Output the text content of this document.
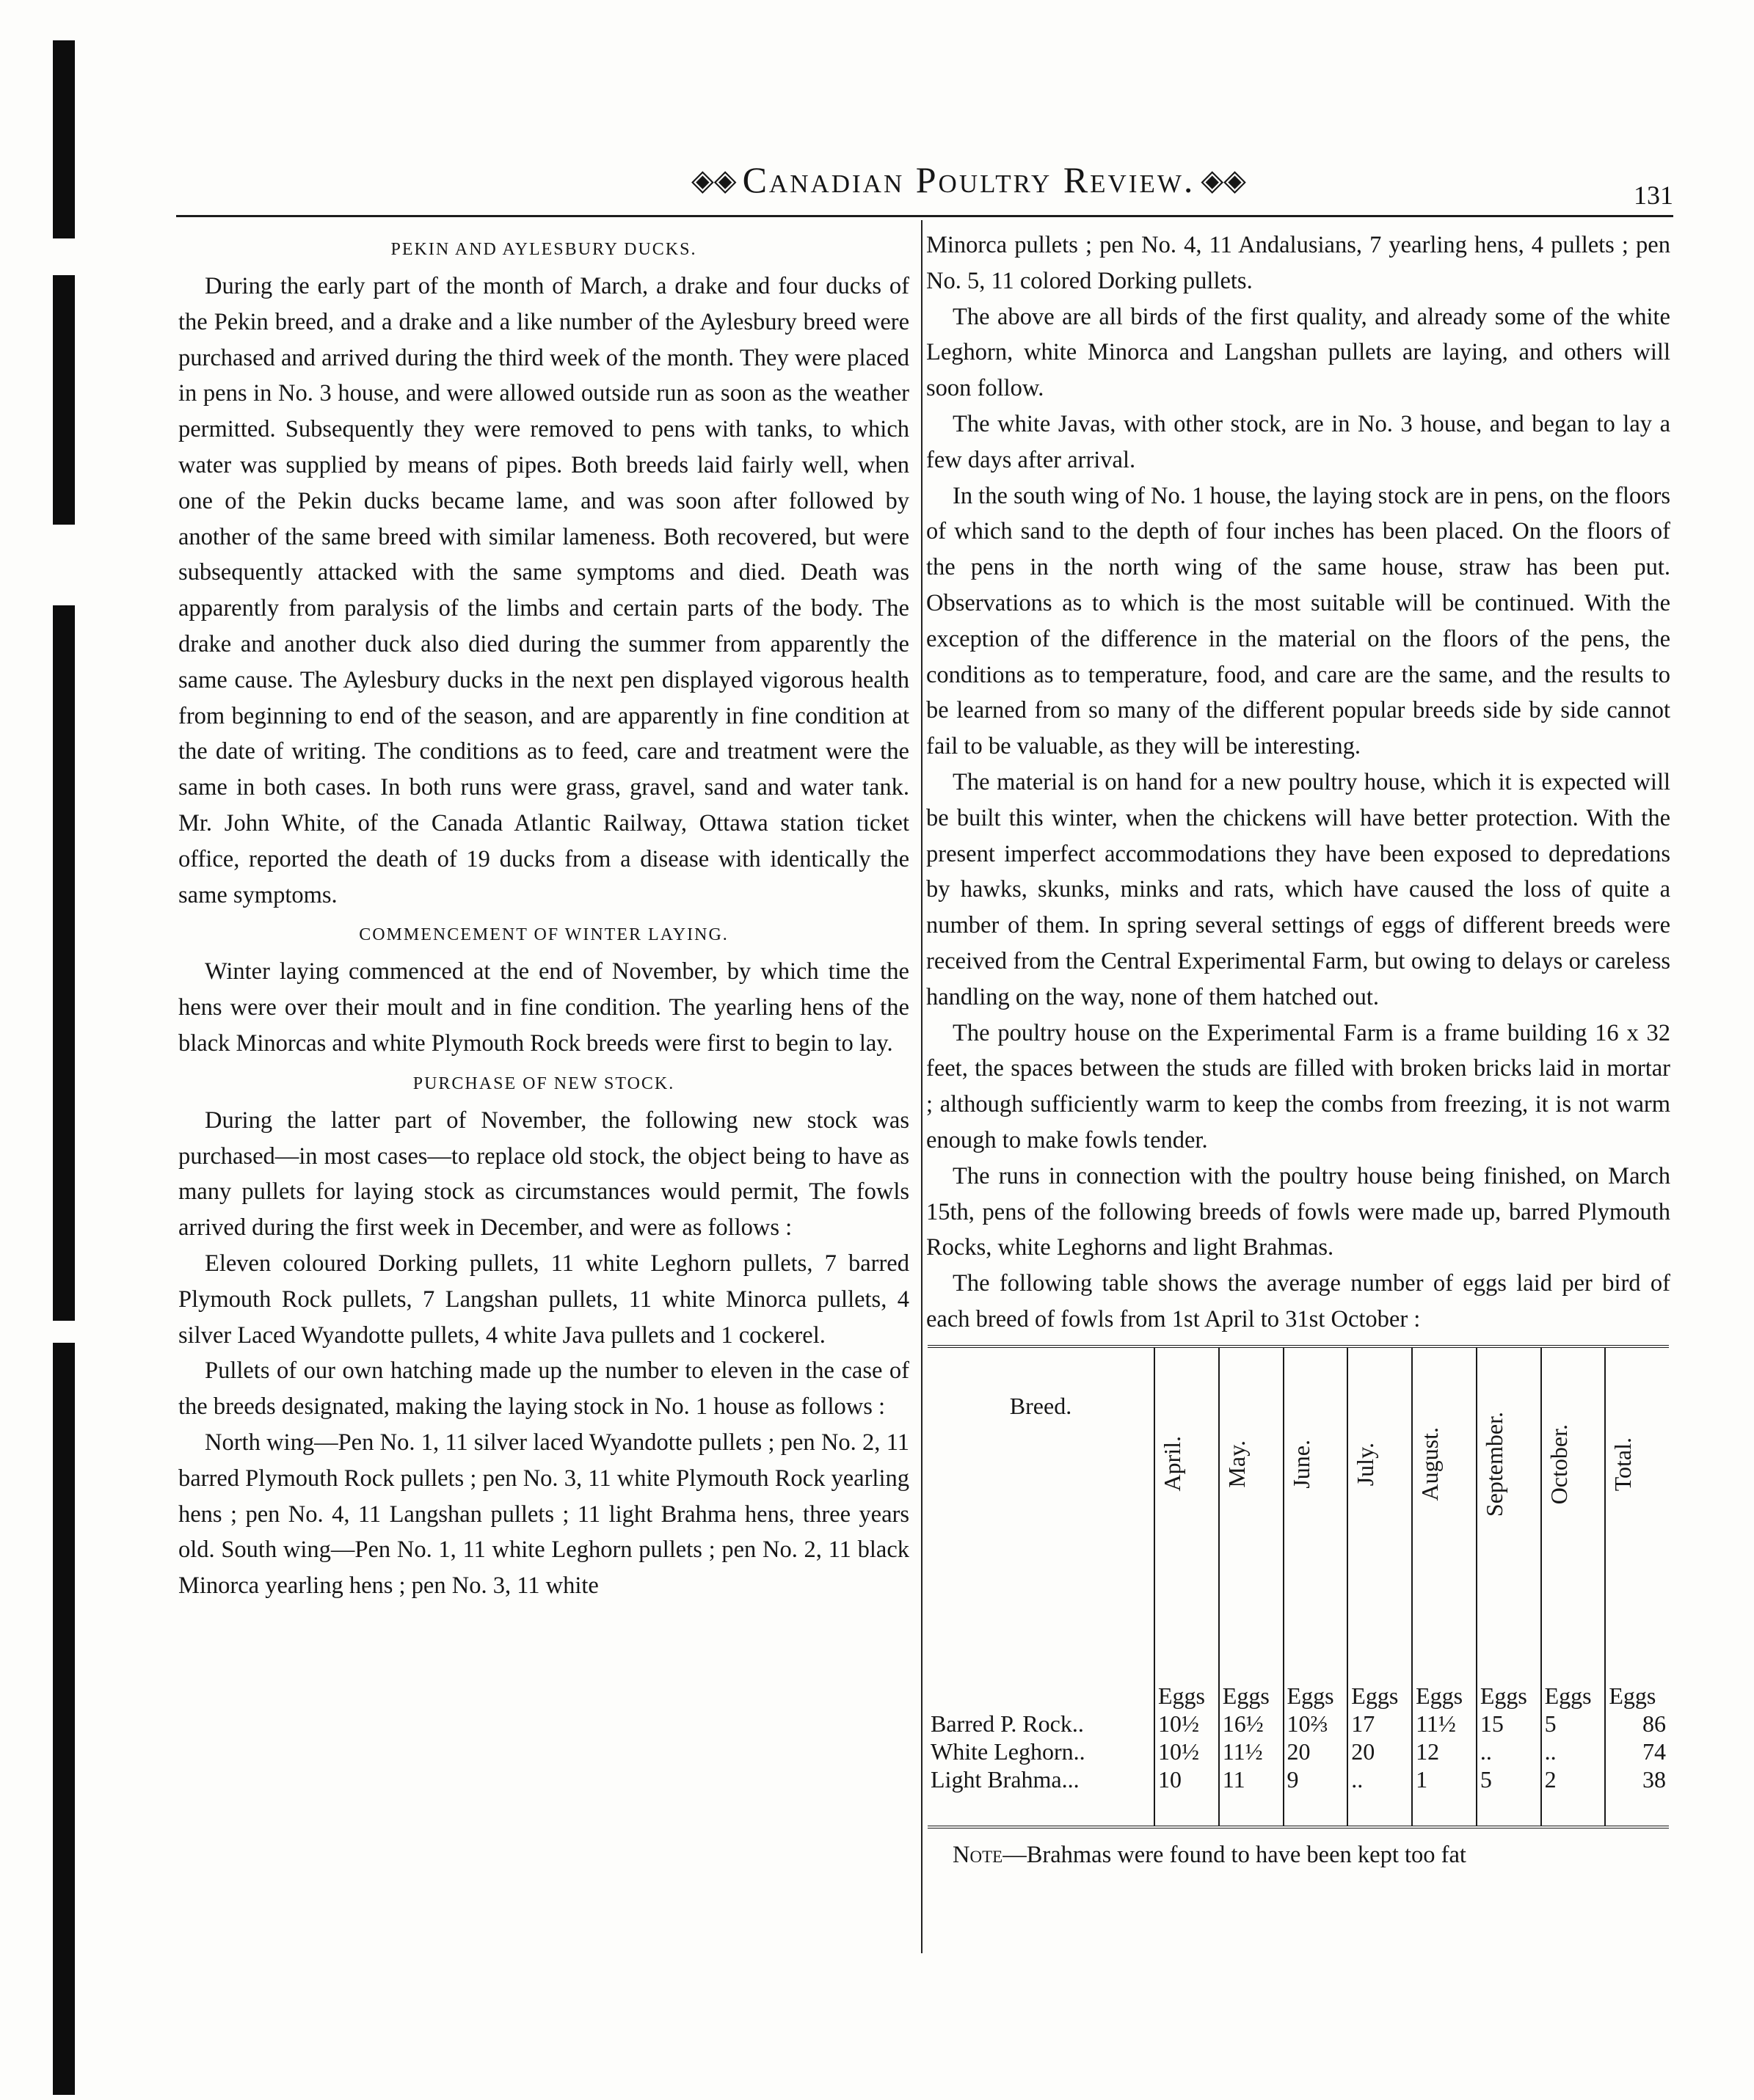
◈◈ Canadian Poultry Review. ◈◈	131
PEKIN AND AYLESBURY DUCKS.

During the early part of the month of March, a drake and four ducks of the Pekin breed, and a drake and a like number of the Aylesbury breed were purchased and arrived during the third week of the month. They were placed in pens in No. 3 house, and were allowed outside run as soon as the weather permitted. Subsequently they were removed to pens with tanks, to which water was supplied by means of pipes. Both breeds laid fairly well, when one of the Pekin ducks became lame, and was soon after followed by another of the same breed with similar lameness. Both recovered, but were subsequently attacked with the same symptoms and died. Death was apparently from paralysis of the limbs and certain parts of the body. The drake and another duck also died during the summer from apparently the same cause. The Aylesbury ducks in the next pen displayed vigorous health from beginning to end of the season, and are apparently in fine condition at the date of writing. The conditions as to feed, care and treatment were the same in both cases. In both runs were grass, gravel, sand and water tank. Mr. John White, of the Canada Atlantic Railway, Ottawa station ticket office, reported the death of 19 ducks from a disease with identically the same symptoms.

COMMENCEMENT OF WINTER LAYING.

Winter laying commenced at the end of November, by which time the hens were over their moult and in fine condition. The yearling hens of the black Minorcas and white Plymouth Rock breeds were first to begin to lay.

PURCHASE OF NEW STOCK.

During the latter part of November, the following new stock was purchased—in most cases—to replace old stock, the object being to have as many pullets for laying stock as circumstances would permit, The fowls arrived during the first week in December, and were as follows :

Eleven coloured Dorking pullets, 11 white Leghorn pullets, 7 barred Plymouth Rock pullets, 7 Langshan pullets, 11 white Minorca pullets, 4 silver Laced Wyandotte pullets, 4 white Java pullets and 1 cockerel.

Pullets of our own hatching made up the number to eleven in the case of the breeds designated, making the laying stock in No. 1 house as follows :

North wing—Pen No. 1, 11 silver laced Wyandotte pullets ; pen No. 2, 11 barred Plymouth Rock pullets ; pen No. 3, 11 white Plymouth Rock yearling hens ; pen No. 4, 11 Langshan pullets ; 11 light Brahma hens, three years old. South wing—Pen No. 1, 11 white Leghorn pullets ; pen No. 2, 11 black Minorca yearling hens ; pen No. 3, 11 white

Minorca pullets ; pen No. 4, 11 Andalusians, 7 yearling hens, 4 pullets ; pen No. 5, 11 colored Dorking pullets.

The above are all birds of the first quality, and already some of the white Leghorn, white Minorca and Langshan pullets are laying, and others will soon follow.

The white Javas, with other stock, are in No. 3 house, and began to lay a few days after arrival.

In the south wing of No. 1 house, the laying stock are in pens, on the floors of which sand to the depth of four inches has been placed. On the floors of the pens in the north wing of the same house, straw has been put. Observations as to which is the most suitable will be continued. With the exception of the difference in the material on the floors of the pens, the conditions as to temperature, food, and care are the same, and the results to be learned from so many of the different popular breeds side by side cannot fail to be valuable, as they will be interesting.

The material is on hand for a new poultry house, which it is expected will be built this winter, when the chickens will have better protection. With the present imperfect accommodations they have been exposed to depredations by hawks, skunks, minks and rats, which have caused the loss of quite a number of them. In spring several settings of eggs of different breeds were received from the Central Experimental Farm, but owing to delays or careless handling on the way, none of them hatched out.

The poultry house on the Experimental Farm is a frame building 16 x 32 feet, the spaces between the studs are filled with broken bricks laid in mortar ; although sufficiently warm to keep the combs from freezing, it is not warm enough to make fowls tender.

The runs in connection with the poultry house being finished, on March 15th, pens of the following breeds of fowls were made up, barred Plymouth Rocks, white Leghorns and light Brahmas.

The following table shows the average number of eggs laid per bird of each breed of fowls from 1st April to 31st October :

Breed.	April.	May.	June.	July.	August.	September.	October.	Total.
	Eggs	Eggs	Eggs	Eggs	Eggs	Eggs	Eggs	Eggs
Barred P. Rock..	10½	16½	10⅔	17	11½	15	5	86
White Leghorn..	10½	11½	20	20	12	..	..	74
Light Brahma...	10	11	9	..	1	5	2	38

Note—Brahmas were found to have been kept too fat
